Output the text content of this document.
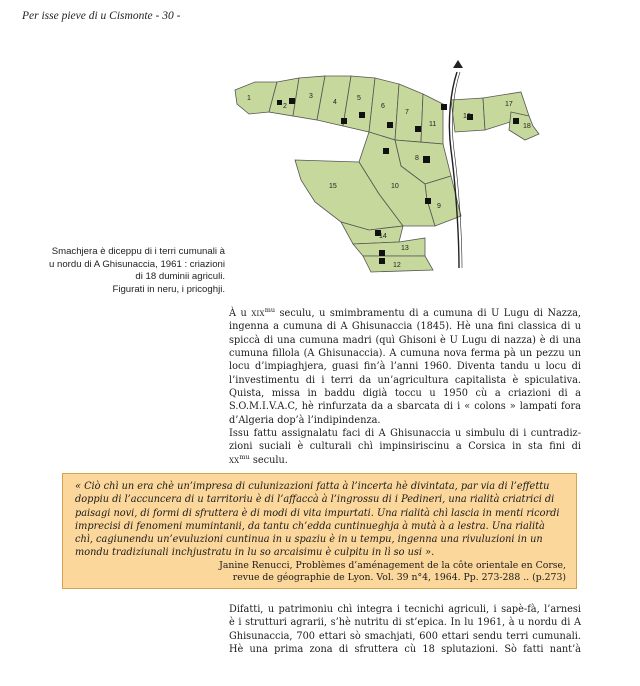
Per isse pieve di u Cismonte - 30 -
1
2
3
4
5
6
7
8
9
10
11
12
13
14
15
16
17
18
Smachjera è diceppu di i terri cumunali à
u nordu di A Ghisunaccia, 1961 : criazioni
di 18 duminii agriculi.
Figurati in neru, i pricoghji.
À u xix$^{mu}$ seculu, u smimbramentu di a cumuna di U Lugu di Nazza,
ingenna a cumuna di A Ghisunaccia (1845). Hè una fini classica di u
spiccà di una cumuna madri (quì Ghisoni è U Lugu di nazza) è di una
cumuna fillola (A Ghisunaccia). A cumuna nova ferma pà un pezzu un
locu d’impiaghjera, guasi fin’à l’anni 1960. Diventa tandu u locu di
l’investimentu di i terri da un’agricultura capitalista è spiculativa.
Quista, missa in baddu digià toccu u 1950 cù a criazioni di a
S.O.M.I.V.A.C, hè rinfurzata da a sbarcata di i « colons » lampati fora
d’Algeria dop’à l’indipindenza.
Issu fattu assignalatu faci di A Ghisunaccia u simbulu di i cuntradiz-
zioni suciali è culturali chì impinsiriscinu a Corsica in sta fini di
$xx^{mu}$ seculu.
« Ciò chì un era chè un’impresa di culunizazioni fatta à l’incerta hè divintata, par via di l’effettu
doppiu di l’accuncera di u tarritoriu è di l’affaccà à l’ingrossu di i Pedineri, una rialità criatrici di
paisagi novi, di formi di sfruttera è di modi di vita impurtati. Una rialità chì lascia in menti ricordi
imprecisi di fenomeni mumintanii, da tantu ch’edda cuntinueghja à mutà à a lestra. Una rialità
chì, cagiunendu un’evuluzioni cuntinua in u spaziu è in u tempu, ingenna una rivuluzioni in un
mondu tradiziunali inchjustratu in lu so arcaisimu è culpitu in lì so usi ».
Janine Renucci, Problèmes d’aménagement de la côte orientale en Corse,
revue de géographie de Lyon. Vol. 39 n°4, 1964. Pp. 273-288 .. (p.273)
Difatti, u patrimoniu chì integra i tecnichi agriculi, i sapè-fà, l’arnesi
è i strutturi agrarii, s’hè nutritu di st’epica. In lu 1961, à u nordu di A
Ghisunaccia, 700 ettari sò smachjati, 600 ettari sendu terri cumunali.
Hè una prima zona di sfruttera cù 18 splutazioni. Sò fatti nant’à
